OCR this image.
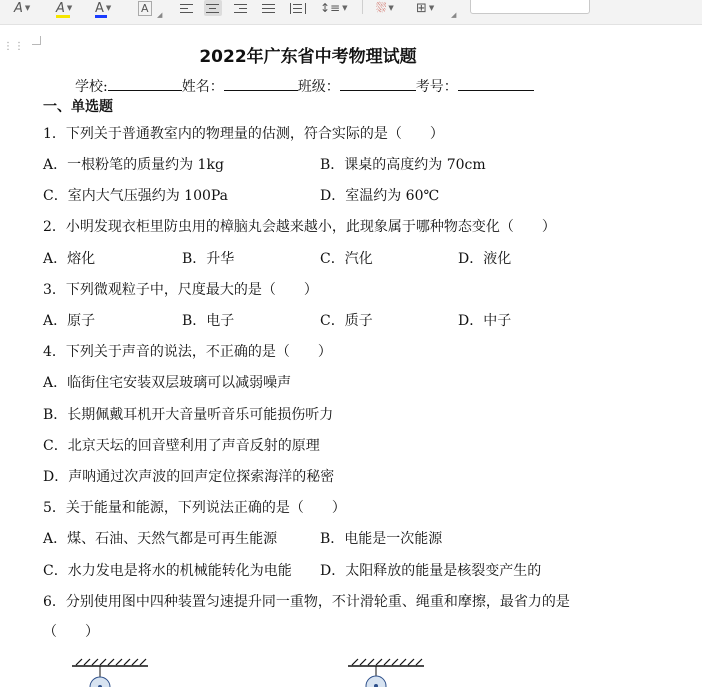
A ▼ A ▼ A ▼	A
◢	↕≡ ▼ ⛆ ▼ ⊞ ▼
◢
⋮⋮
2022年广东省中考物理试题
学校:	姓名：	班级：	考号：
一、单选题
1．下列关于普通教室内的物理量的估测，符合实际的是（　　）
A．一根粉笔的质量约为 1kg	B．课桌的高度约为 70cm
C．室内大气压强约为 100Pa	D．室温约为 60℃
2．小明发现衣柜里防虫用的樟脑丸会越来越小，此现象属于哪种物态变化（　　）
A．熔化	B．升华	C．汽化	D．液化
3．下列微观粒子中，尺度最大的是（　　）
A．原子	B．电子	C．质子	D．中子
4．下列关于声音的说法，不正确的是（　　）
A．临街住宅安装双层玻璃可以减弱噪声
B．长期佩戴耳机开大音量听音乐可能损伤听力
C．北京天坛的回音壁利用了声音反射的原理
D．声呐通过次声波的回声定位探索海洋的秘密
5．关于能量和能源，下列说法正确的是（　　）
A．煤、石油、天然气都是可再生能源	B．电能是一次能源
C．水力发电是将水的机械能转化为电能 D．太阳释放的能量是核裂变产生的
6．分别使用图中四种装置匀速提升同一重物，不计滑轮重、绳重和摩擦，最省力的是
（　　）
